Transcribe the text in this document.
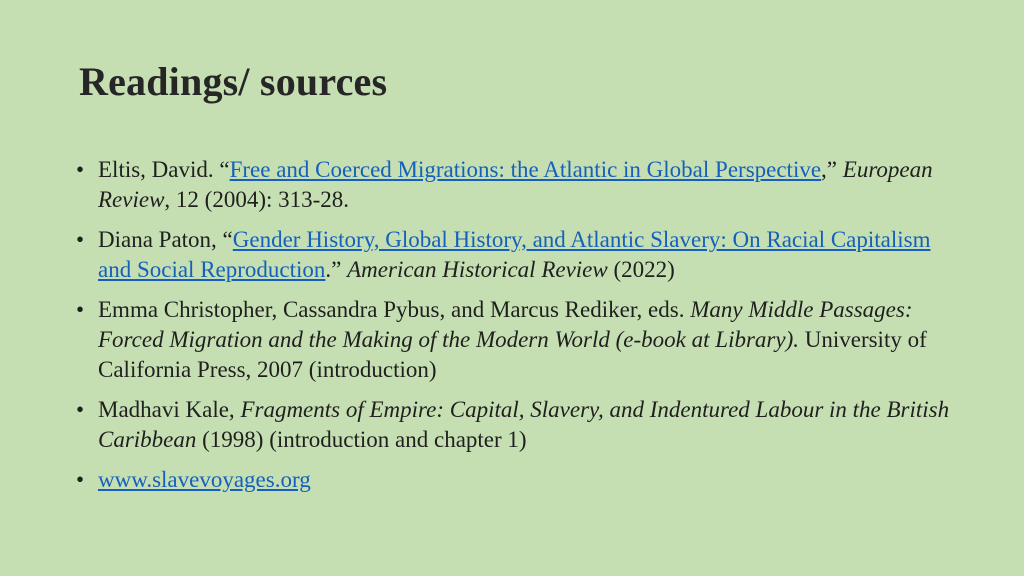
Readings/ sources
• Eltis, David. “Free and Coerced Migrations: the Atlantic in Global Perspective,” European Review, 12 (2004): 313-28.
• Diana Paton, “Gender History, Global History, and Atlantic Slavery: On Racial Capitalism and Social Reproduction.” American Historical Review (2022)
• Emma Christopher, Cassandra Pybus, and Marcus Rediker, eds. Many Middle Passages: Forced Migration and the Making of the Modern World (e-book at Library). University of California Press, 2007 (introduction)
• Madhavi Kale, Fragments of Empire: Capital, Slavery, and Indentured Labour in the British Caribbean (1998) (introduction and chapter 1)
• www.slavevoyages.org
